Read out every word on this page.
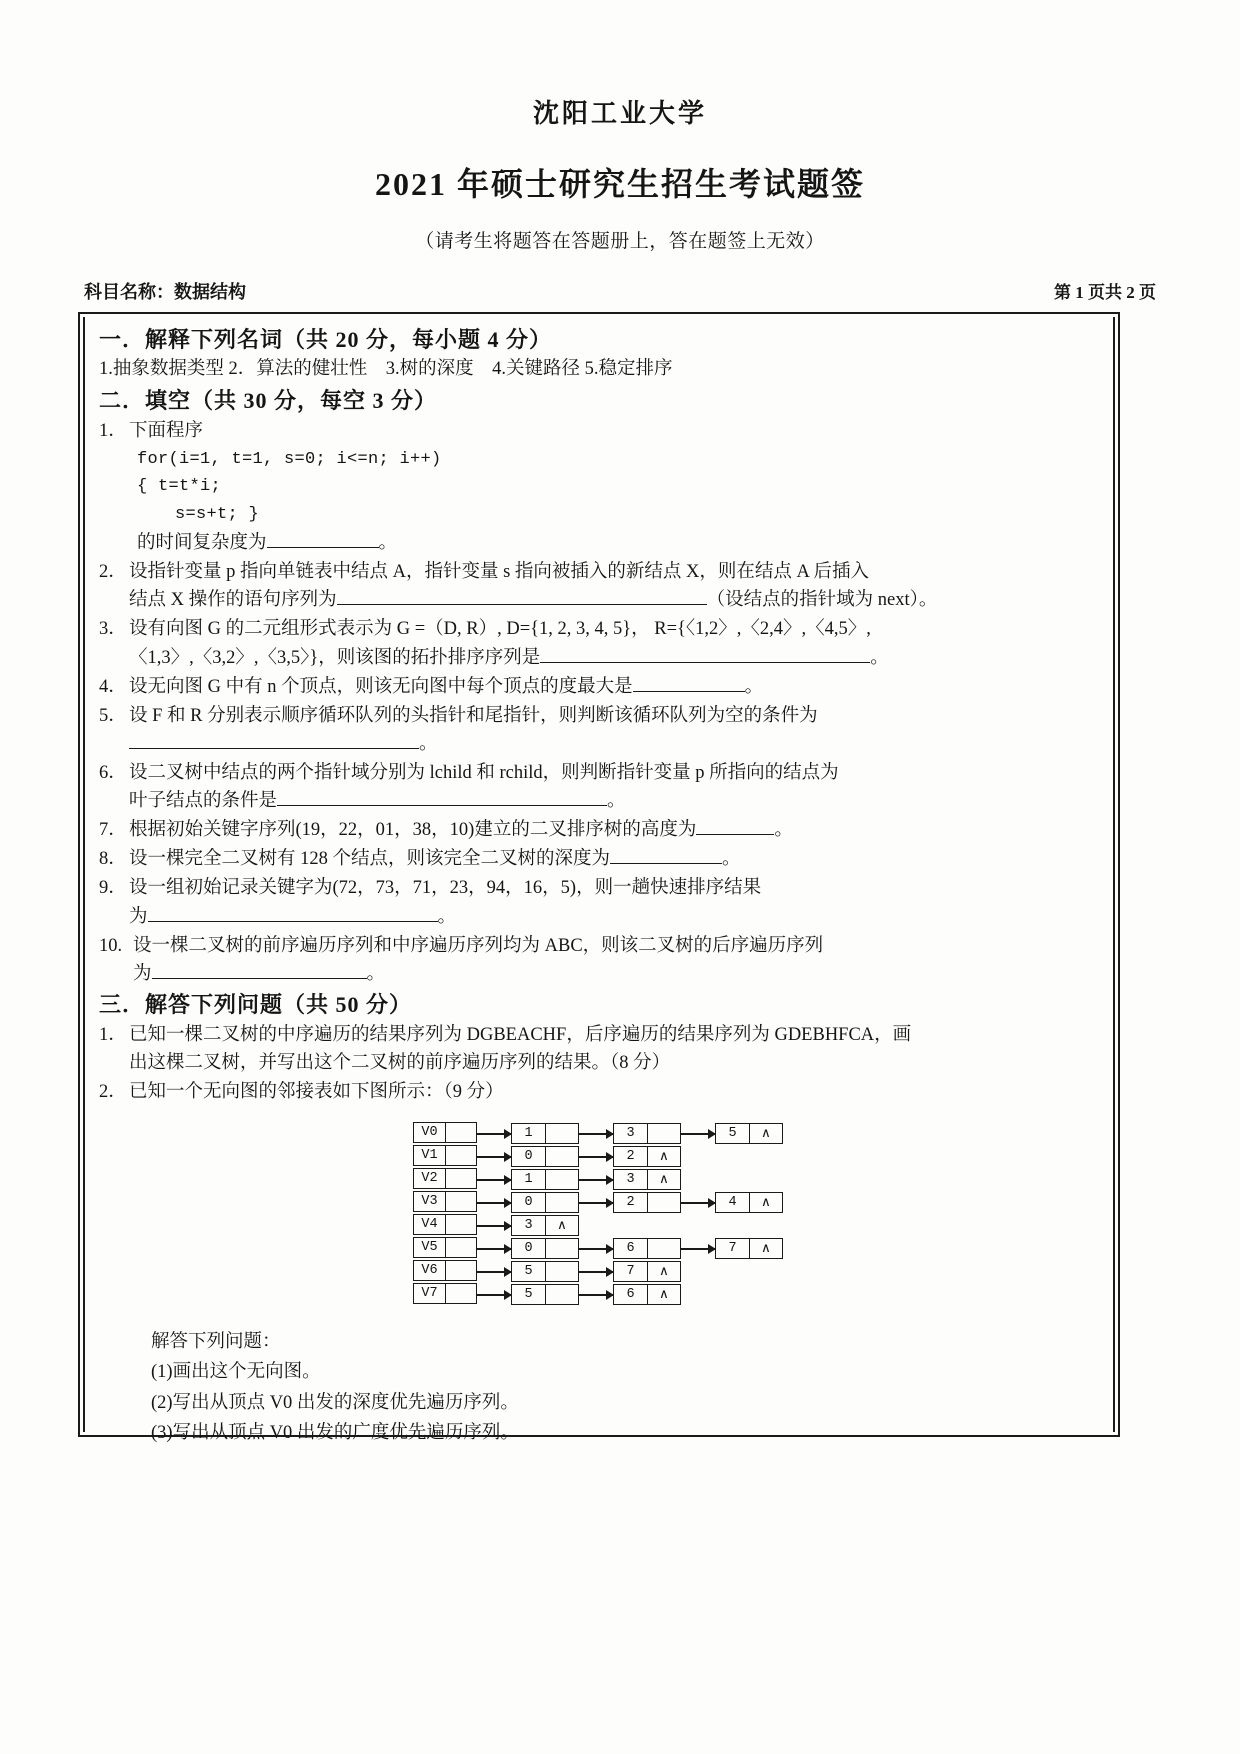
沈阳工业大学
2021 年硕士研究生招生考试题签
（请考生将题答在答题册上，答在题签上无效）
科目名称：数据结构	第 1 页共 2 页
一．解释下列名词（共 20 分，每小题 4 分）
1.抽象数据类型 2．算法的健壮性　3.树的深度　4.关键路径 5.稳定排序
二．填空（共 30 分，每空 3 分）
1． 下面程序
for(i=1, t=1, s=0; i<=n; i++)
{ t=t*i;
s=s+t; }
的时间复杂度为	。
2． 设指针变量 p 指向单链表中结点 A，指针变量 s 指向被插入的新结点 X，则在结点 A 后插入
结点 X 操作的语句序列为	（设结点的指针域为 next）。
3． 设有向图 G 的二元组形式表示为 G =（D, R）, D={1, 2, 3, 4, 5}， R={〈1,2〉,〈2,4〉,〈4,5〉,
〈1,3〉,〈3,2〉,〈3,5〉}，则该图的拓扑排序序列是	。
4． 设无向图 G 中有 n 个顶点，则该无向图中每个顶点的度最大是	。
5． 设 F 和 R 分别表示顺序循环队列的头指针和尾指针，则判断该循环队列为空的条件为
。
6． 设二叉树中结点的两个指针域分别为 lchild 和 rchild，则判断指针变量 p 所指向的结点为
叶子结点的条件是	。
7． 根据初始关键字序列(19，22，01，38，10)建立的二叉排序树的高度为	。
8． 设一棵完全二叉树有 128 个结点，则该完全二叉树的深度为	。
9． 设一组初始记录关键字为(72，73，71，23，94，16，5)，则一趟快速排序结果
为	。
10. 设一棵二叉树的前序遍历序列和中序遍历序列均为 ABC，则该二叉树的后序遍历序列
为	。
三．解答下列问题（共 50 分）
1． 已知一棵二叉树的中序遍历的结果序列为 DGBEACHF，后序遍历的结果序列为 GDEBHFCA，画
出这棵二叉树，并写出这个二叉树的前序遍历序列的结果。（8 分）
2． 已知一个无向图的邻接表如下图所示：（9 分）
V0	1	3	5	∧
V1	0	2	∧
V2	1	3	∧
V3	0	2	4	∧
V4	3	∧
V5	0	6	7	∧
V6	5	7	∧
V7	5	6	∧
解答下列问题：
(1)画出这个无向图。
(2)写出从顶点 V0 出发的深度优先遍历序列。
(3)写出从顶点 V0 出发的广度优先遍历序列。
